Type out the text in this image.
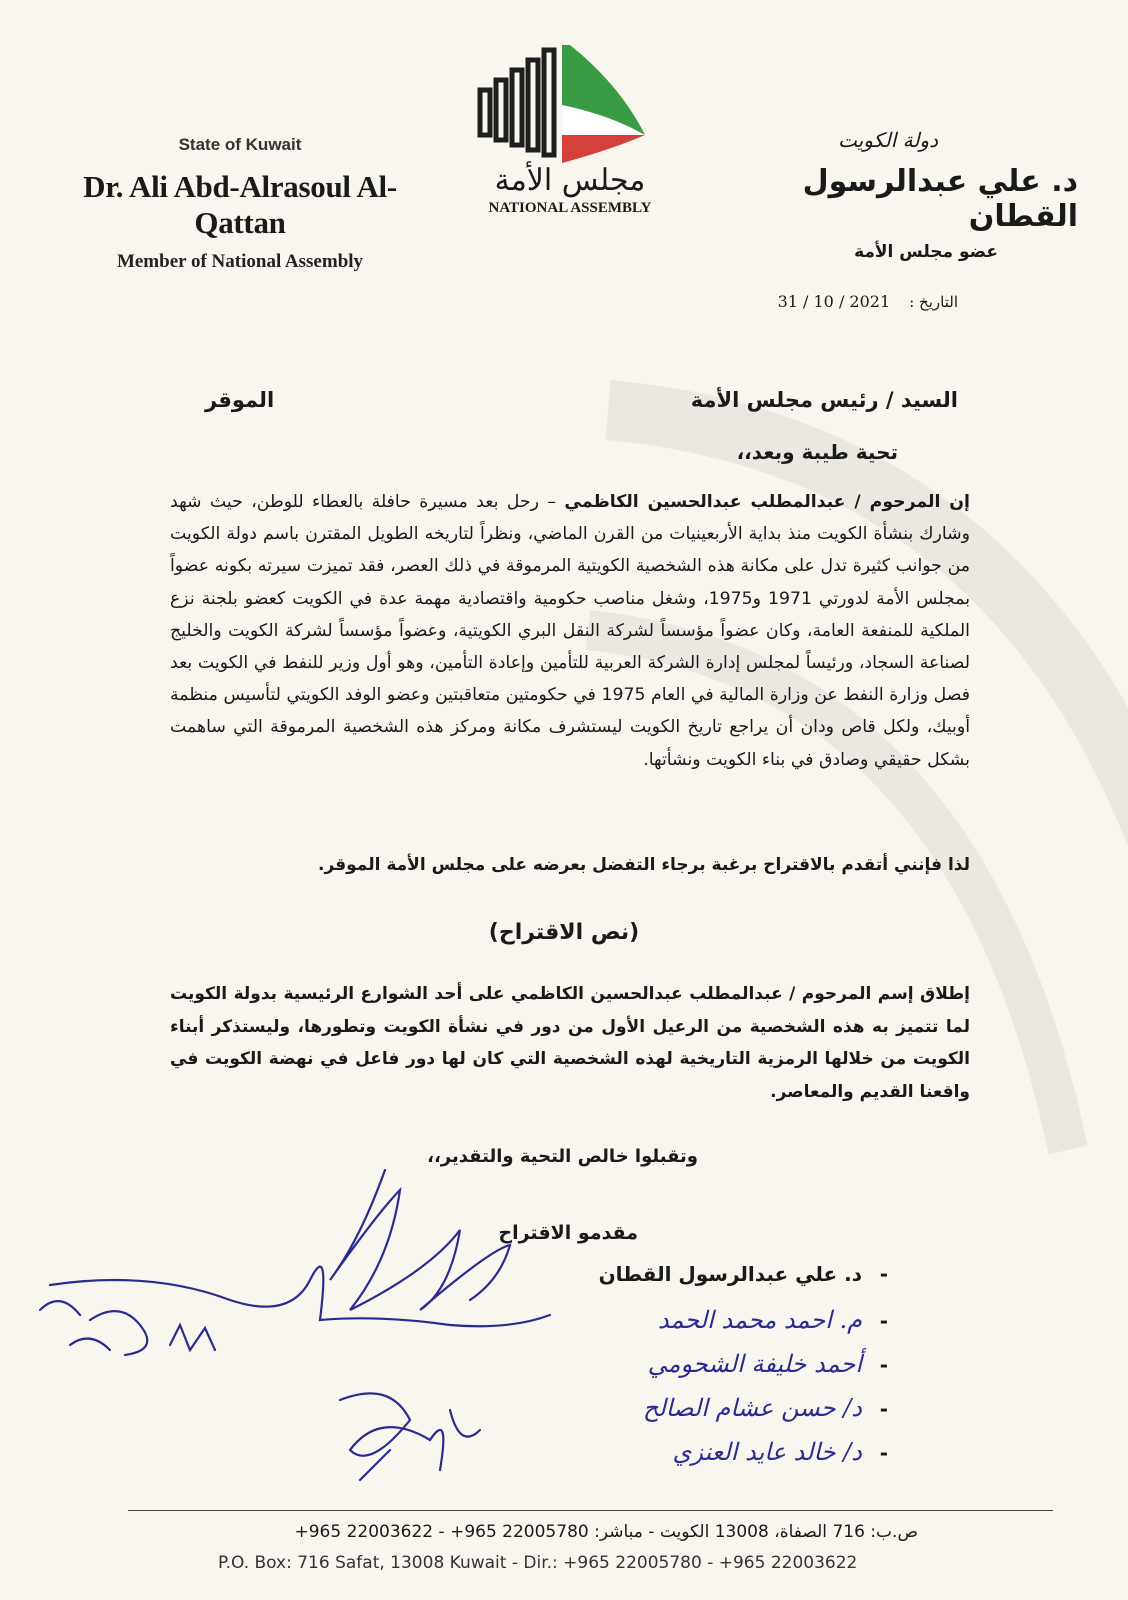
State of Kuwait
Dr. Ali Abd-Alrasoul Al-Qattan
Member of National Assembly
مجلس الأمة
NATIONAL ASSEMBLY
دولة الكويت
د. علي عبدالرسول القطان
عضو مجلس الأمة
التاريخ : 31 / 10 / 2021
السيد / رئيس مجلس الأمة
الموقر
تحية طيبة وبعد،،
إن المرحوم / عبدالمطلب عبدالحسين الكاظمي – رحل بعد مسيرة حافلة بالعطاء للوطن، حيث شهد وشارك بنشأة الكويت منذ بداية الأربعينيات من القرن الماضي، ونظراً لتاريخه الطويل المقترن باسم دولة الكويت من جوانب كثيرة تدل على مكانة هذه الشخصية الكويتية المرموقة في ذلك العصر، فقد تميزت سيرته بكونه عضواً بمجلس الأمة لدورتي 1971 و1975، وشغل مناصب حكومية واقتصادية مهمة عدة في الكويت كعضو بلجنة نزع الملكية للمنفعة العامة، وكان عضواً مؤسساً لشركة النقل البري الكويتية، وعضواً مؤسساً لشركة الكويت والخليج لصناعة السجاد، ورئيساً لمجلس إدارة الشركة العربية للتأمين وإعادة التأمين، وهو أول وزير للنفط في الكويت بعد فصل وزارة النفط عن وزارة المالية في العام 1975 في حكومتين متعاقبتين وعضو الوفد الكويتي لتأسيس منظمة أوبيك، ولكل قاص ودان أن يراجع تاريخ الكويت ليستشرف مكانة ومركز هذه الشخصية المرموقة التي ساهمت بشكل حقيقي وصادق في بناء الكويت ونشأتها.
لذا فإنني أتقدم بالاقتراح برغبة برجاء التفضل بعرضه على مجلس الأمة الموقر.
(نص الاقتراح)
إطلاق إسم المرحوم / عبدالمطلب عبدالحسين الكاظمي على أحد الشوارع الرئيسية بدولة الكويت لما تتميز به هذه الشخصية من الرعيل الأول من دور في نشأة الكويت وتطورها، وليستذكر أبناء الكويت من خلالها الرمزية التاريخية لهذه الشخصية التي كان لها دور فاعل في نهضة الكويت في واقعنا القديم والمعاصر.
وتقبلوا خالص التحية والتقدير،،
مقدمو الاقتراح
-د. علي عبدالرسول القطان
-م. احمد محمد الحمد
-أحمد خليفة الشحومي
-د/ حسن عشام الصالح
-د/ خالد عايد العنزي
ص.ب: 716 الصفاة، 13008 الكويت - مباشر: 22005780 965+ - 22003622 965+
P.O. Box: 716 Safat, 13008 Kuwait - Dir.: +965 22005780 - +965 22003622
